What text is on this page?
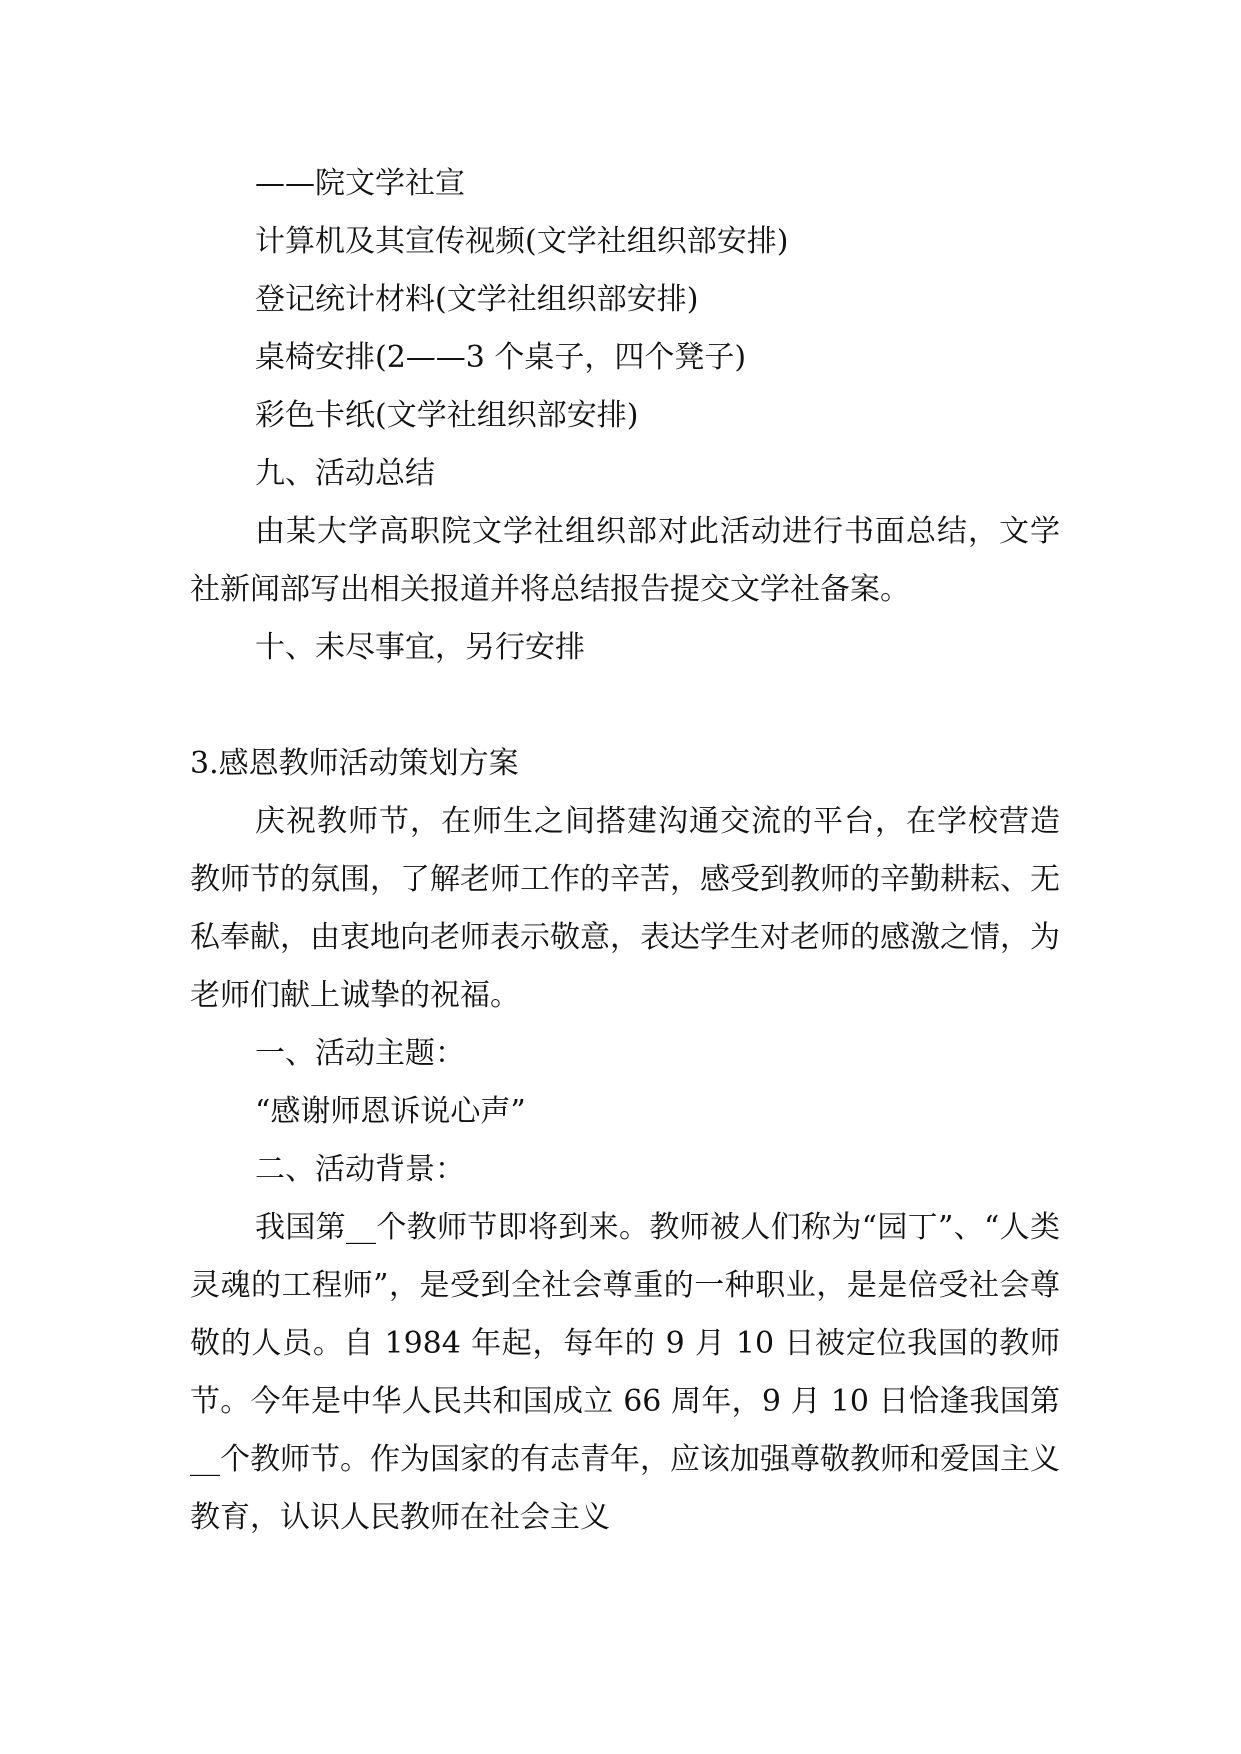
——院文学社宣
计算机及其宣传视频(文学社组织部安排)
登记统计材料(文学社组织部安排)
桌椅安排(2——3 个桌子，四个凳子)
彩色卡纸(文学社组织部安排)
九、活动总结

由某大学高职院文学社组织部对此活动进行书面总结，文学社新闻部写出相关报道并将总结报告提交文学社备案。

十、未尽事宜，另行安排
3.感恩教师活动策划方案

庆祝教师节，在师生之间搭建沟通交流的平台，在学校营造教师节的氛围，了解老师工作的辛苦，感受到教师的辛勤耕耘、无私奉献，由衷地向老师表示敬意，表达学生对老师的感激之情，为老师们献上诚挚的祝福。

一、活动主题：
“感谢师恩诉说心声”
二、活动背景：

我国第__个教师节即将到来。教师被人们称为“园丁”、“人类灵魂的工程师”，是受到全社会尊重的一种职业，是是倍受社会尊敬的人员。自 1984 年起，每年的 9 月 10 日被定位我国的教师节。今年是中华人民共和国成立 66 周年，9 月 10 日恰逢我国第__个教师节。作为国家的有志青年，应该加强尊敬教师和爱国主义教育，认识人民教师在社会主义
